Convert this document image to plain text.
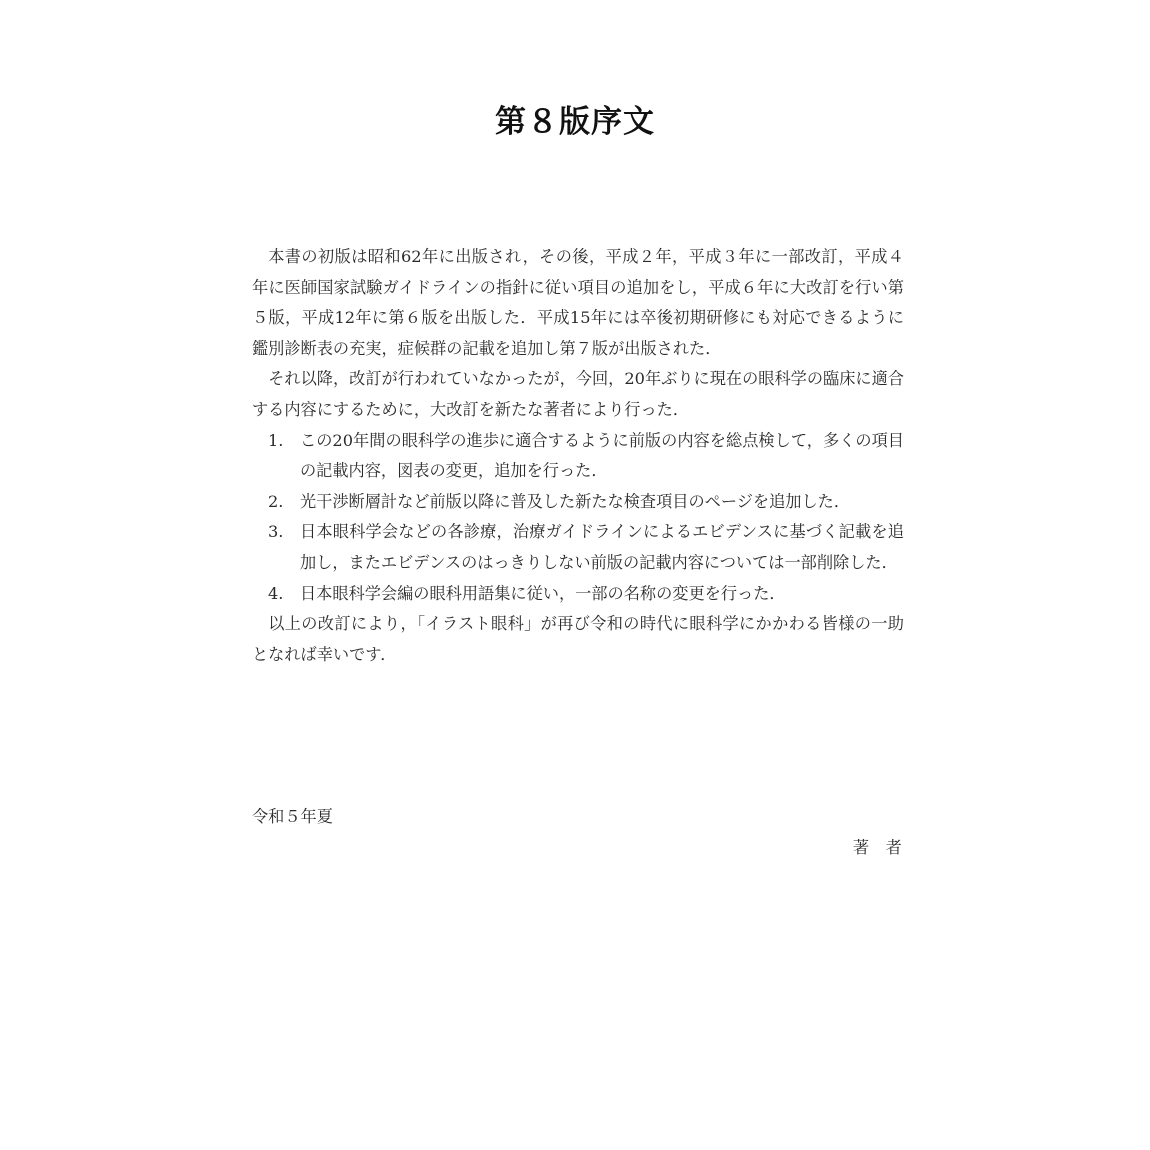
第８版序文

本書の初版は昭和62年に出版され，その後，平成２年，平成３年に一部改訂，平成４年に医師国家試験ガイドラインの指針に従い項目の追加をし，平成６年に大改訂を行い第５版，平成12年に第６版を出版した．平成15年には卒後初期研修にも対応できるように鑑別診断表の充実，症候群の記載を追加し第７版が出版された．

それ以降，改訂が行われていなかったが，今回，20年ぶりに現在の眼科学の臨床に適合する内容にするために，大改訂を新たな著者により行った．

1.	この20年間の眼科学の進歩に適合するように前版の内容を総点検して，多くの項目の記載内容，図表の変更，追加を行った．
2.	光干渉断層計など前版以降に普及した新たな検査項目のページを追加した．
3.	日本眼科学会などの各診療，治療ガイドラインによるエビデンスに基づく記載を追加し，またエビデンスのはっきりしない前版の記載内容については一部削除した．
4.	日本眼科学会編の眼科用語集に従い，一部の名称の変更を行った．

以上の改訂により，「イラスト眼科」が再び令和の時代に眼科学にかかわる皆様の一助となれば幸いです．

令和５年夏

著　者
